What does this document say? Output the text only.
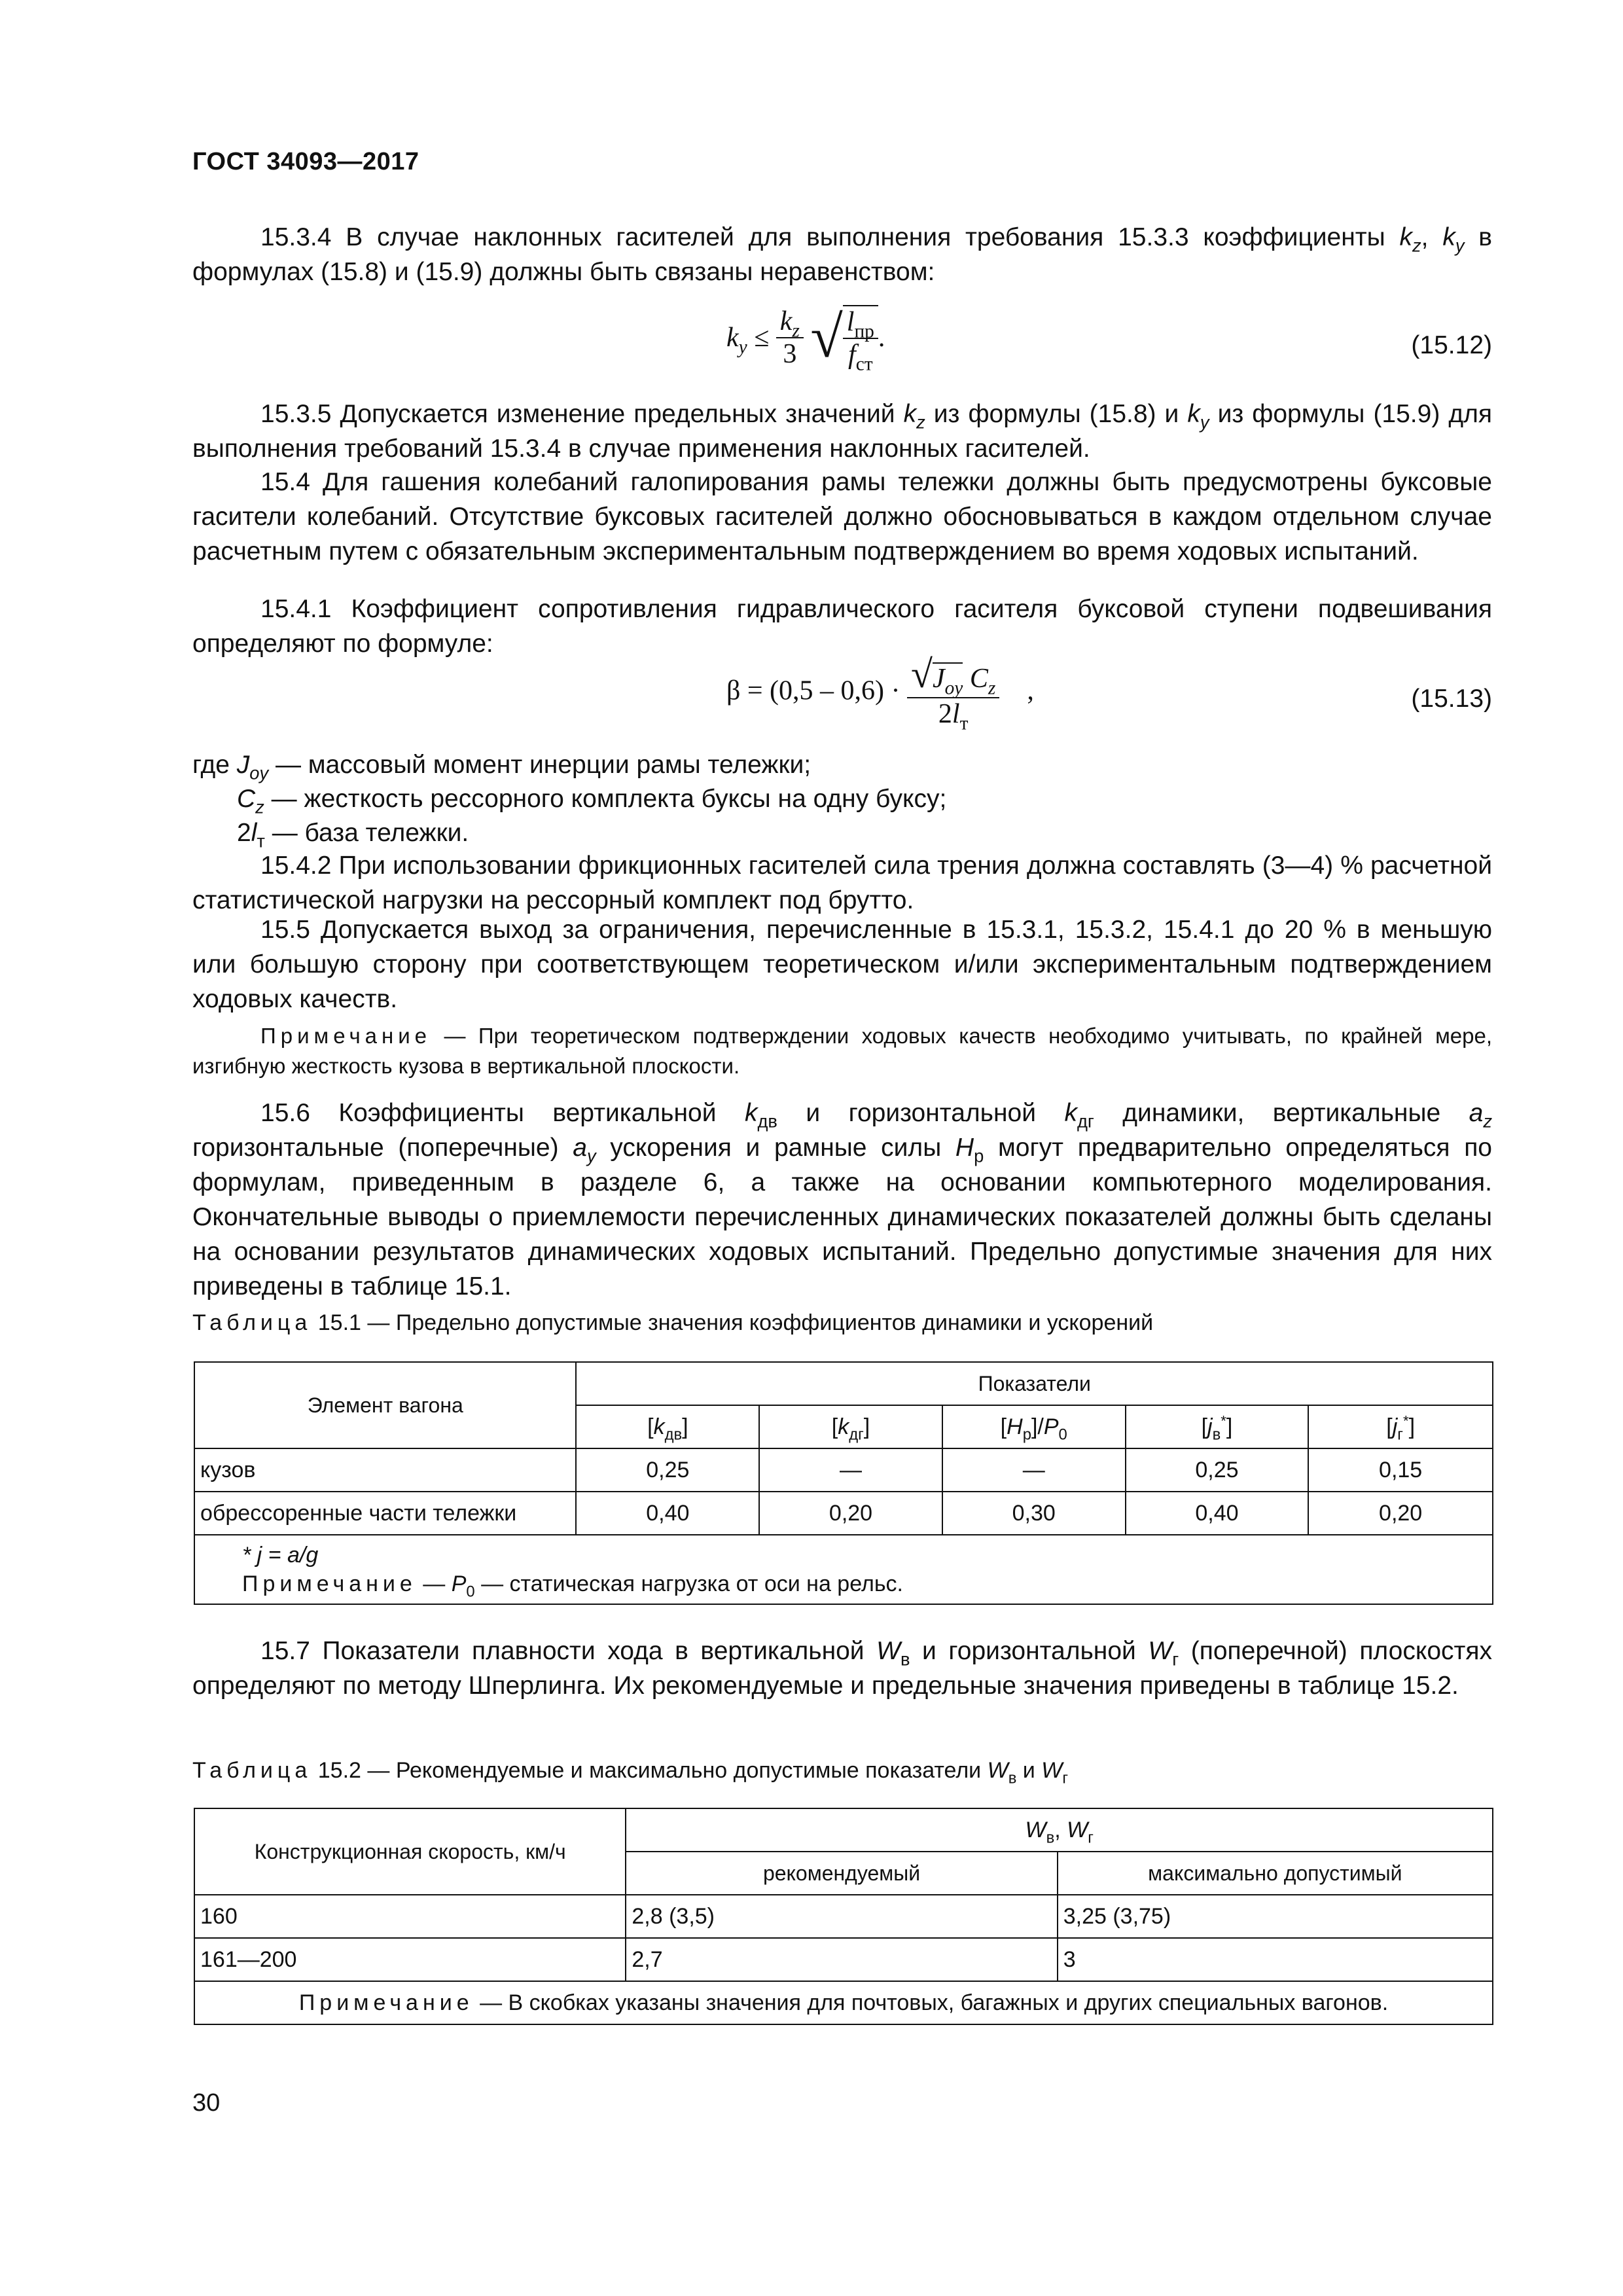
ГОСТ 34093—2017
15.3.4 В случае наклонных гасителей для выполнения требования 15.3.3 коэффициенты $k_z$, $k_y$ в формулах (15.8) и (15.9) должны быть связаны неравенством:
$k_y \le \frac{k_z}{3}$ √ $\frac{l_{пр}}{f_{ст}}$ .	(15.12)
15.3.5 Допускается изменение предельных значений $k_z$ из формулы (15.8) и $k_y$ из формулы (15.9) для выполнения требований 15.3.4 в случае применения наклонных гасителей.
15.4 Для гашения колебаний галопирования рамы тележки должны быть предусмотрены буксовые гасители колебаний. Отсутствие буксовых гасителей должно обосновываться в каждом отдельном случае расчетным путем с обязательным экспериментальным подтверждением во время ходовых испытаний.
15.4.1 Коэффициент сопротивления гидравлического гасителя буксовой ступени подвешивания определяют по формуле:
$\beta = (0,5 - 0,6) \cdot \frac{√J_{oy} C_z}{2l_т}$ ,	(15.13)
где $J_{oy}$ — массовый момент инерции рамы тележки;
$C_z$ — жесткость рессорного комплекта буксы на одну буксу;
$2l_т$ — база тележки.
15.4.2 При использовании фрикционных гасителей сила трения должна составлять (3—4) % расчетной статистической нагрузки на рессорный комплект под брутто.
15.5 Допускается выход за ограничения, перечисленные в 15.3.1, 15.3.2, 15.4.1 до 20 % в меньшую или большую сторону при соответствующем теоретическом и/или экспериментальным подтверждением ходовых качеств.
Примечание — При теоретическом подтверждении ходовых качеств необходимо учитывать, по крайней мере, изгибную жесткость кузова в вертикальной плоскости.
15.6 Коэффициенты вертикальной $k_{дв}$ и горизонтальной $k_{дг}$ динамики, вертикальные $a_z$ горизонтальные (поперечные) $a_y$ ускорения и рамные силы $H_р$ могут предварительно определяться по формулам, приведенным в разделе 6, а также на основании компьютерного моделирования. Окончательные выводы о приемлемости перечисленных динамических показателей должны быть сделаны на основании результатов динамических ходовых испытаний. Предельно допустимые значения для них приведены в таблице 15.1.
Таблица 15.1 — Предельно допустимые значения коэффициентов динамики и ускорений
Элемент вагона	Показатели				
	$[k_{дв}]$	$[k_{дг}]$	$[H_р]/P_0$	$[j_в^*]$	$[j_г^*]$
кузов	0,25	—	—	0,25	0,15
обрессоренные части тележки	0,40	0,20	0,30	0,40	0,20

* j = a/g
Примечание — $P_0$ — статическая нагрузка от оси на рельс.					
15.7 Показатели плавности хода в вертикальной $W_в$ и горизонтальной $W_г$ (поперечной) плоскостях определяют по методу Шперлинга. Их рекомендуемые и предельные значения приведены в таблице 15.2.
Таблица 15.2 — Рекомендуемые и максимально допустимые показатели $W_в$ и $W_г$
Конструкционная скорость, км/ч	$W_в$, $W_г$
	рекомендуемый	максимально допустимый
160	2,8 (3,5)	3,25 (3,75)
161—200	2,7	3
Примечание — В скобках указаны значения для почтовых, багажных и других специальных вагонов.		
30
